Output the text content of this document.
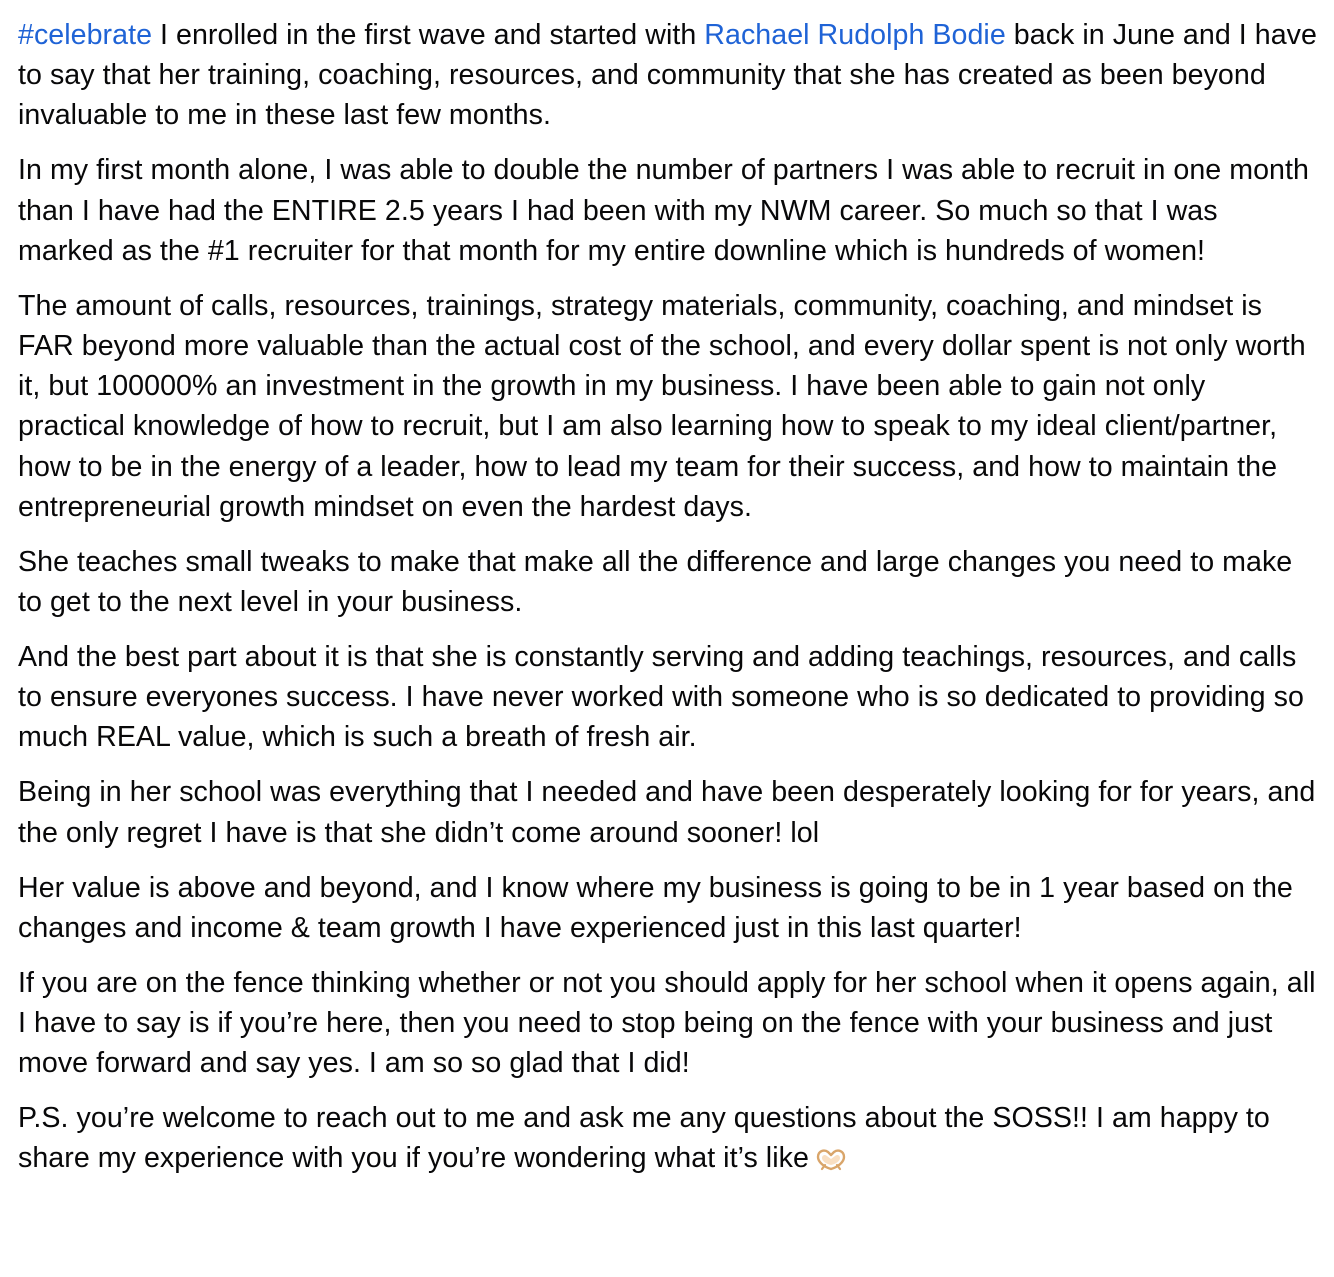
#celebrate I enrolled in the first wave and started with Rachael Rudolph Bodie back in June and I have to say that her training, coaching, resources, and community that she has created as been beyond invaluable to me in these last few months.

In my first month alone, I was able to double the number of partners I was able to recruit in one month than I have had the ENTIRE 2.5 years I had been with my NWM career. So much so that I was marked as the #1 recruiter for that month for my entire downline which is hundreds of women!

The amount of calls, resources, trainings, strategy materials, community, coaching, and mindset is FAR beyond more valuable than the actual cost of the school, and every dollar spent is not only worth it, but 100000% an investment in the growth in my business. I have been able to gain not only practical knowledge of how to recruit, but I am also learning how to speak to my ideal client/partner, how to be in the energy of a leader, how to lead my team for their success, and how to maintain the entrepreneurial growth mindset on even the hardest days.

She teaches small tweaks to make that make all the difference and large changes you need to make to get to the next level in your business.

And the best part about it is that she is constantly serving and adding teachings, resources, and calls to ensure everyones success. I have never worked with someone who is so dedicated to providing so much REAL value, which is such a breath of fresh air.

Being in her school was everything that I needed and have been desperately looking for for years, and the only regret I have is that she didn’t come around sooner! lol

Her value is above and beyond, and I know where my business is going to be in 1 year based on the changes and income & team growth I have experienced just in this last quarter!

If you are on the fence thinking whether or not you should apply for her school when it opens again, all I have to say is if you’re here, then you need to stop being on the fence with your business and just move forward and say yes. I am so so glad that I did!

P.S. you’re welcome to reach out to me and ask me any questions about the SOSS!! I am happy to share my experience with you if you’re wondering what it’s like
